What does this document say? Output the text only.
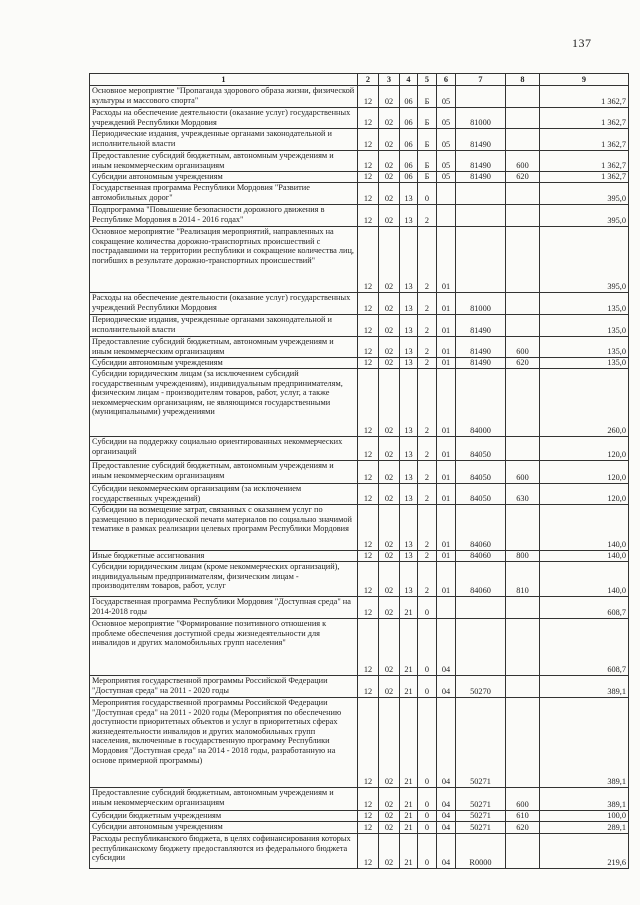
137
1	2	3	4	5	6	7	8	9
Основное мероприятие "Пропаганда здорового образа жизни, физической культуры и массового спорта"	12	02	06	Б	05			1 362,7
Расходы на обеспечение деятельности (оказание услуг) государственных учреждений Республики Мордовия	12	02	06	Б	05	81000		1 362,7
Периодические издания, учрежденные органами законодательной и исполнительной власти	12	02	06	Б	05	81490		1 362,7
Предоставление субсидий бюджетным, автономным учреждениям и иным некоммерческим организациям	12	02	06	Б	05	81490	600	1 362,7
Субсидии автономным учреждениям	12	02	06	Б	05	81490	620	1 362,7
Государственная программа Республики Мордовия "Развитие автомобильных дорог"	12	02	13	0				395,0
Подпрограмма "Повышение безопасности дорожного движения в Республике Мордовия в 2014 - 2016 годах"	12	02	13	2				395,0
Основное мероприятие "Реализация мероприятий, направленных на сокращение количества дорожно-транспортных происшествий с пострадавшими на территории республики и сокращение количества лиц, погибших в результате дорожно-транспортных происшествий"	12	02	13	2	01			395,0
Расходы на обеспечение деятельности (оказание услуг) государственных учреждений Республики Мордовия	12	02	13	2	01	81000		135,0
Периодические издания, учрежденные органами законодательной и исполнительной власти	12	02	13	2	01	81490		135,0
Предоставление субсидий бюджетным, автономным учреждениям и иным некоммерческим организациям	12	02	13	2	01	81490	600	135,0
Субсидии автономным учреждениям	12	02	13	2	01	81490	620	135,0
Субсидии юридическим лицам (за исключением субсидий государственным учреждениям), индивидуальным предпринимателям, физическим лицам - производителям товаров, работ, услуг, а также некоммерческим организациям, не являющимся государственными (муниципальными) учреждениями	12	02	13	2	01	84000		260,0
Субсидии на поддержку социально ориентированных некоммерческих организаций	12	02	13	2	01	84050		120,0
Предоставление субсидий бюджетным, автономным учреждениям и иным некоммерческим организациям	12	02	13	2	01	84050	600	120,0
Субсидии некоммерческим организациям (за исключением государственных учреждений)	12	02	13	2	01	84050	630	120,0
Субсидии на возмещение затрат, связанных с оказанием услуг по размещению в периодической печати материалов по социально значимой тематике в рамках реализации целевых программ Республики Мордовия	12	02	13	2	01	84060		140,0
Иные бюджетные ассигнования	12	02	13	2	01	84060	800	140,0
Субсидии юридическим лицам (кроме некоммерческих организаций), индивидуальным предпринимателям, физическим лицам - производителям товаров, работ, услуг	12	02	13	2	01	84060	810	140,0
Государственная программа Республики Мордовия "Доступная среда" на 2014-2018 годы	12	02	21	0				608,7
Основное мероприятие "Формирование позитивного отношения к проблеме обеспечения доступной среды жизнедеятельности для инвалидов и других маломобильных групп населения"	12	02	21	0	04			608,7
Мероприятия государственной программы Российской Федерации "Доступная среда" на 2011 - 2020 годы	12	02	21	0	04	50270		389,1
Мероприятия государственной программы Российской Федерации "Доступная среда" на 2011 - 2020 годы (Мероприятия по обеспечению доступности приоритетных объектов и услуг в приоритетных сферах жизнедеятельности инвалидов и других маломобильных групп населения, включенные в государственную программу Республики Мордовия "Доступная среда" на 2014 - 2018 годы, разработанную на основе примерной программы)	12	02	21	0	04	50271		389,1
Предоставление субсидий бюджетным, автономным учреждениям и иным некоммерческим организациям	12	02	21	0	04	50271	600	389,1
Субсидии бюджетным учреждениям	12	02	21	0	04	50271	610	100,0
Субсидии автономным учреждениям	12	02	21	0	04	50271	620	289,1
Расходы республиканского бюджета, в целях софинансирования которых республиканскому бюджету предоставляются из федерального бюджета субсидии	12	02	21	0	04	R0000		219,6
